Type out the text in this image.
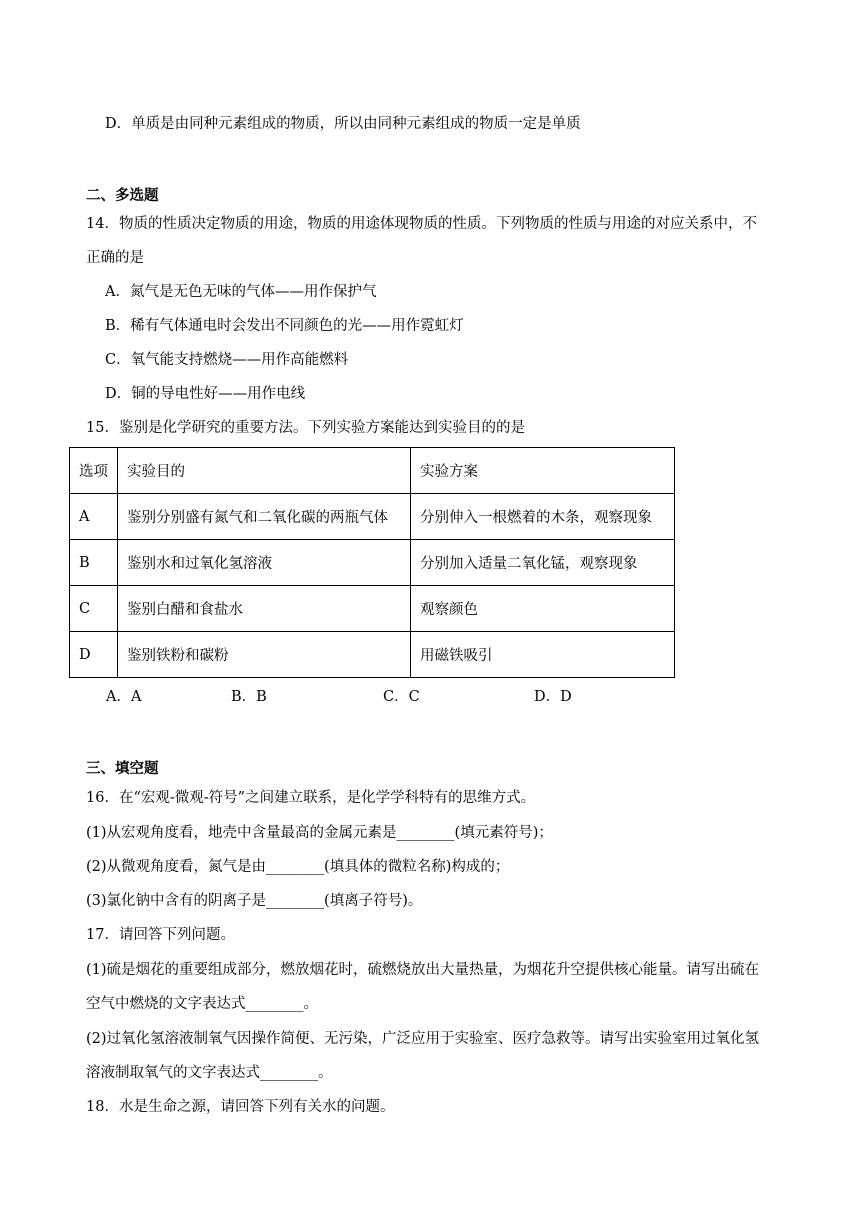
D．单质是由同种元素组成的物质，所以由同种元素组成的物质一定是单质
二、多选题
14．物质的性质决定物质的用途，物质的用途体现物质的性质。下列物质的性质与用途的对应关系中，不
正确的是
A．氮气是无色无味的气体——用作保护气
B．稀有气体通电时会发出不同颜色的光——用作霓虹灯
C．氧气能支持燃烧——用作高能燃料
D．铜的导电性好——用作电线
15．鉴别是化学研究的重要方法。下列实验方案能达到实验目的的是
选项	实验目的	实验方案
A	鉴别分别盛有氮气和二氧化碳的两瓶气体	分别伸入一根燃着的木条，观察现象
B	鉴别水和过氧化氢溶液	分别加入适量二氧化锰，观察现象
C	鉴别白醋和食盐水	观察颜色
D	鉴别铁粉和碳粉	用磁铁吸引
A．A	B．B	C．C	D．D
三、填空题
16．在“宏观-微观-符号”之间建立联系，是化学学科特有的思维方式。
(1)从宏观角度看，地壳中含量最高的金属元素是________(填元素符号)；
(2)从微观角度看，氮气是由________(填具体的微粒名称)构成的；
(3)氯化钠中含有的阴离子是________(填离子符号)。
17．请回答下列问题。
(1)硫是烟花的重要组成部分，燃放烟花时，硫燃烧放出大量热量，为烟花升空提供核心能量。请写出硫在
空气中燃烧的文字表达式________。
(2)过氧化氢溶液制氧气因操作简便、无污染，广泛应用于实验室、医疗急救等。请写出实验室用过氧化氢
溶液制取氧气的文字表达式________。
18．水是生命之源，请回答下列有关水的问题。
